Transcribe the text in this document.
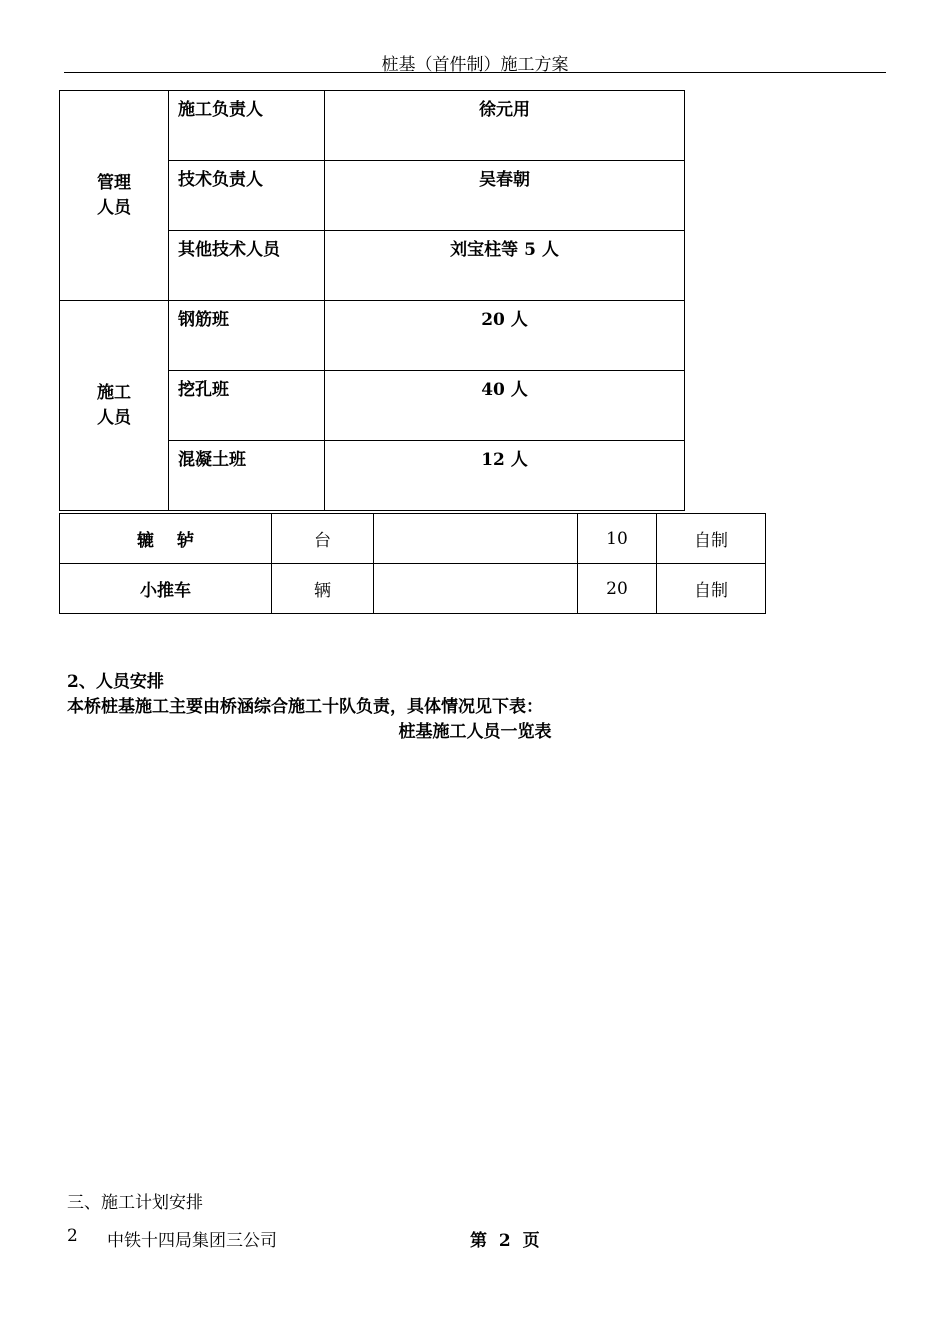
桩基（首件制）施工方案
管理
人员	施工负责人	徐元用
	技术负责人	吴春朝
	其他技术人员	刘宝柱等 5 人
施工
人员	钢筋班	20 人
	挖孔班	40 人
	混凝土班	12 人
辘　 轳	台		10	自制
小推车	辆		20	自制
2、人员安排
本桥桩基施工主要由桥涵综合施工十队负责，具体情况见下表：
桩基施工人员一览表
三、施工计划安排
2 中铁十四局集团三公司	第 2 页
